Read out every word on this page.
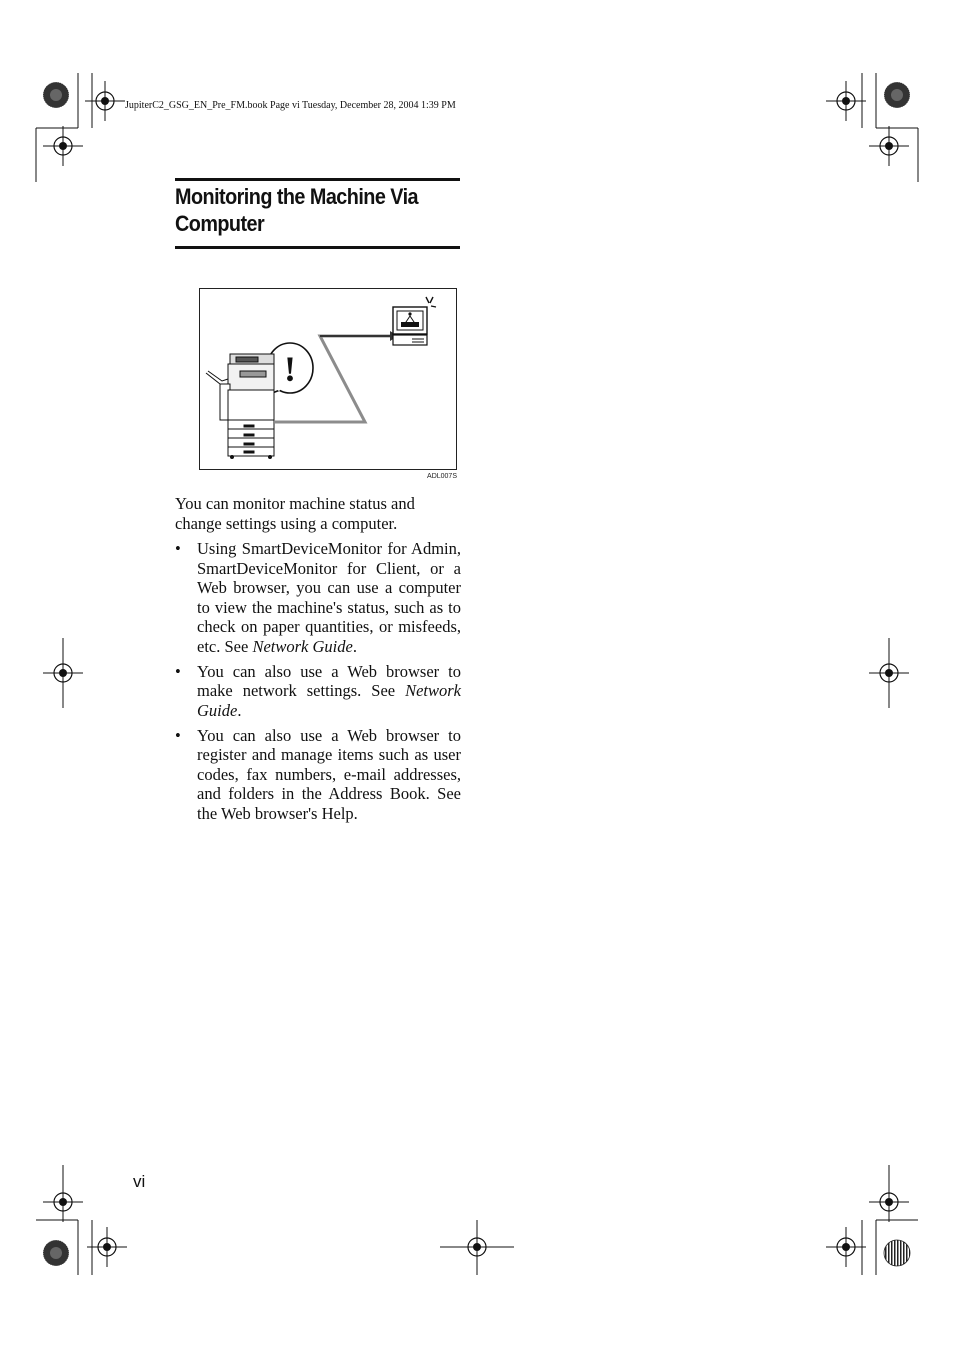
JupiterC2_GSG_EN_Pre_FM.book Page vi Tuesday, December 28, 2004 1:39 PM
Monitoring the Machine Via Computer
!
ADL007S

You can monitor machine status and change settings using a computer.

• Using SmartDeviceMonitor for Admin, SmartDeviceMonitor for Client, or a Web browser, you can use a computer to view the machine's status, such as to check on paper quantities, or misfeeds, etc. See Network Guide.
• You can also use a Web browser to make network settings. See Network Guide.
• You can also use a Web browser to register and manage items such as user codes, fax numbers, e-mail addresses, and folders in the Address Book. See the Web browser's Help.
vi
